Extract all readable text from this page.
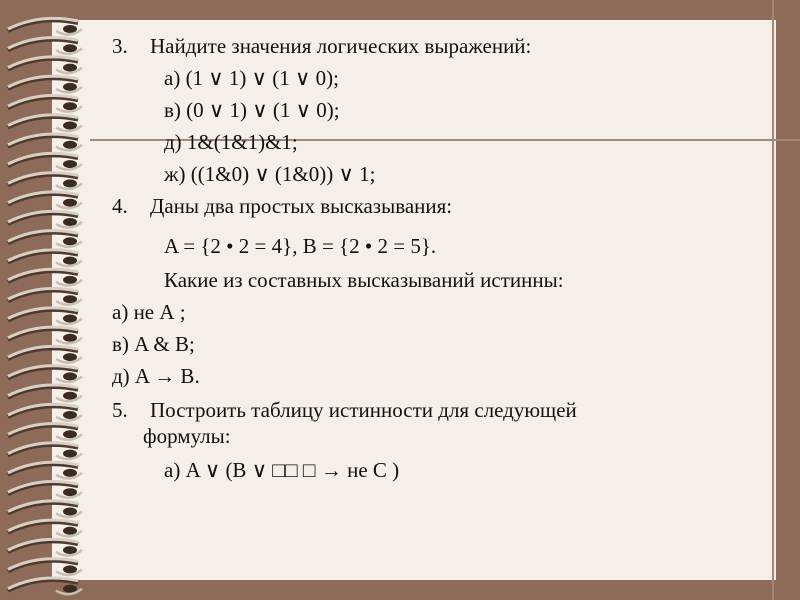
3. Найдите значения логических выражений:
а) (1 ∨ 1) ∨ (1 ∨ 0);
в) (0 ∨ 1) ∨ (1 ∨ 0);
д) 1&(1&1)&1;
ж) ((1&0) ∨ (1&0)) ∨ 1;
4. Даны два простых высказывания:
A = {2 • 2 = 4}, B = {2 • 2 = 5}.
Какие из составных высказываний истинны:
а) не А ;
в) A & B;
д) A → B.
5. Построить таблицу истинности для следующей
формулы:
а) A ∨ (B ∨ □□ □ → не С )
